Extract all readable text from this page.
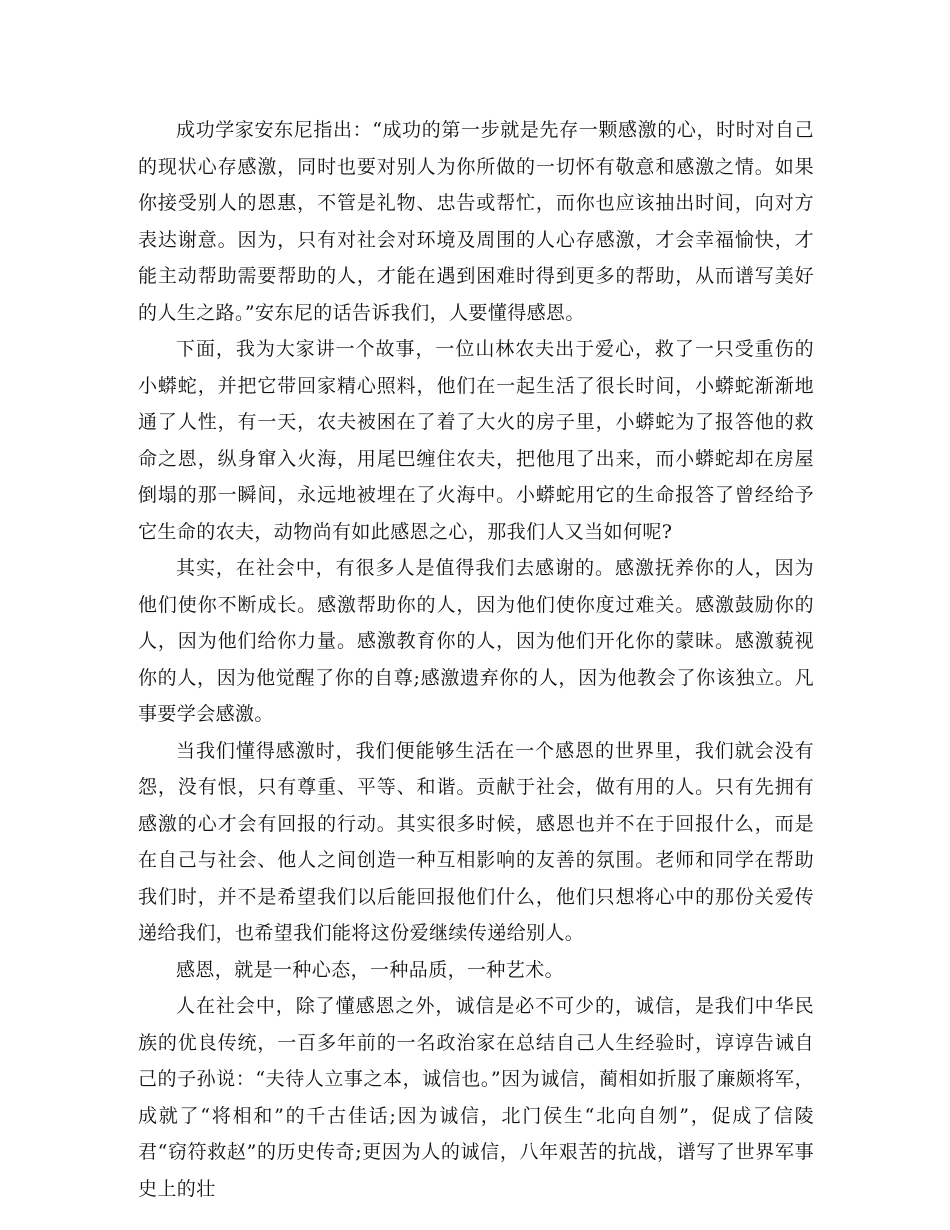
成功学家安东尼指出：“成功的第一步就是先存一颗感激的心，时时对自己的现状心存感激，同时也要对别人为你所做的一切怀有敬意和感激之情。如果你接受别人的恩惠，不管是礼物、忠告或帮忙，而你也应该抽出时间，向对方表达谢意。因为，只有对社会对环境及周围的人心存感激，才会幸福愉快，才能主动帮助需要帮助的人，才能在遇到困难时得到更多的帮助，从而谱写美好的人生之路。”安东尼的话告诉我们，人要懂得感恩。

下面，我为大家讲一个故事，一位山林农夫出于爱心，救了一只受重伤的小蟒蛇，并把它带回家精心照料，他们在一起生活了很长时间，小蟒蛇渐渐地通了人性，有一天，农夫被困在了着了大火的房子里，小蟒蛇为了报答他的救命之恩，纵身窜入火海，用尾巴缠住农夫，把他甩了出来，而小蟒蛇却在房屋倒塌的那一瞬间，永远地被埋在了火海中。小蟒蛇用它的生命报答了曾经给予它生命的农夫，动物尚有如此感恩之心，那我们人又当如何呢?

其实，在社会中，有很多人是值得我们去感谢的。感激抚养你的人，因为他们使你不断成长。感激帮助你的人，因为他们使你度过难关。感激鼓励你的人，因为他们给你力量。感激教育你的人，因为他们开化你的蒙昧。感激藐视你的人，因为他觉醒了你的自尊;感激遗弃你的人，因为他教会了你该独立。凡事要学会感激。

当我们懂得感激时，我们便能够生活在一个感恩的世界里，我们就会没有怨，没有恨，只有尊重、平等、和谐。贡献于社会，做有用的人。只有先拥有感激的心才会有回报的行动。其实很多时候，感恩也并不在于回报什么，而是在自己与社会、他人之间创造一种互相影响的友善的氛围。老师和同学在帮助我们时，并不是希望我们以后能回报他们什么，他们只想将心中的那份关爱传递给我们，也希望我们能将这份爱继续传递给别人。

感恩，就是一种心态，一种品质，一种艺术。

人在社会中，除了懂感恩之外，诚信是必不可少的，诚信，是我们中华民族的优良传统，一百多年前的一名政治家在总结自己人生经验时，谆谆告诫自己的子孙说：“夫待人立事之本，诚信也。”因为诚信，蔺相如折服了廉颇将军，成就了“将相和”的千古佳话;因为诚信，北门侯生“北向自刎”，促成了信陵君“窃符救赵”的历史传奇;更因为人的诚信，八年艰苦的抗战，谱写了世界军事史上的壮
